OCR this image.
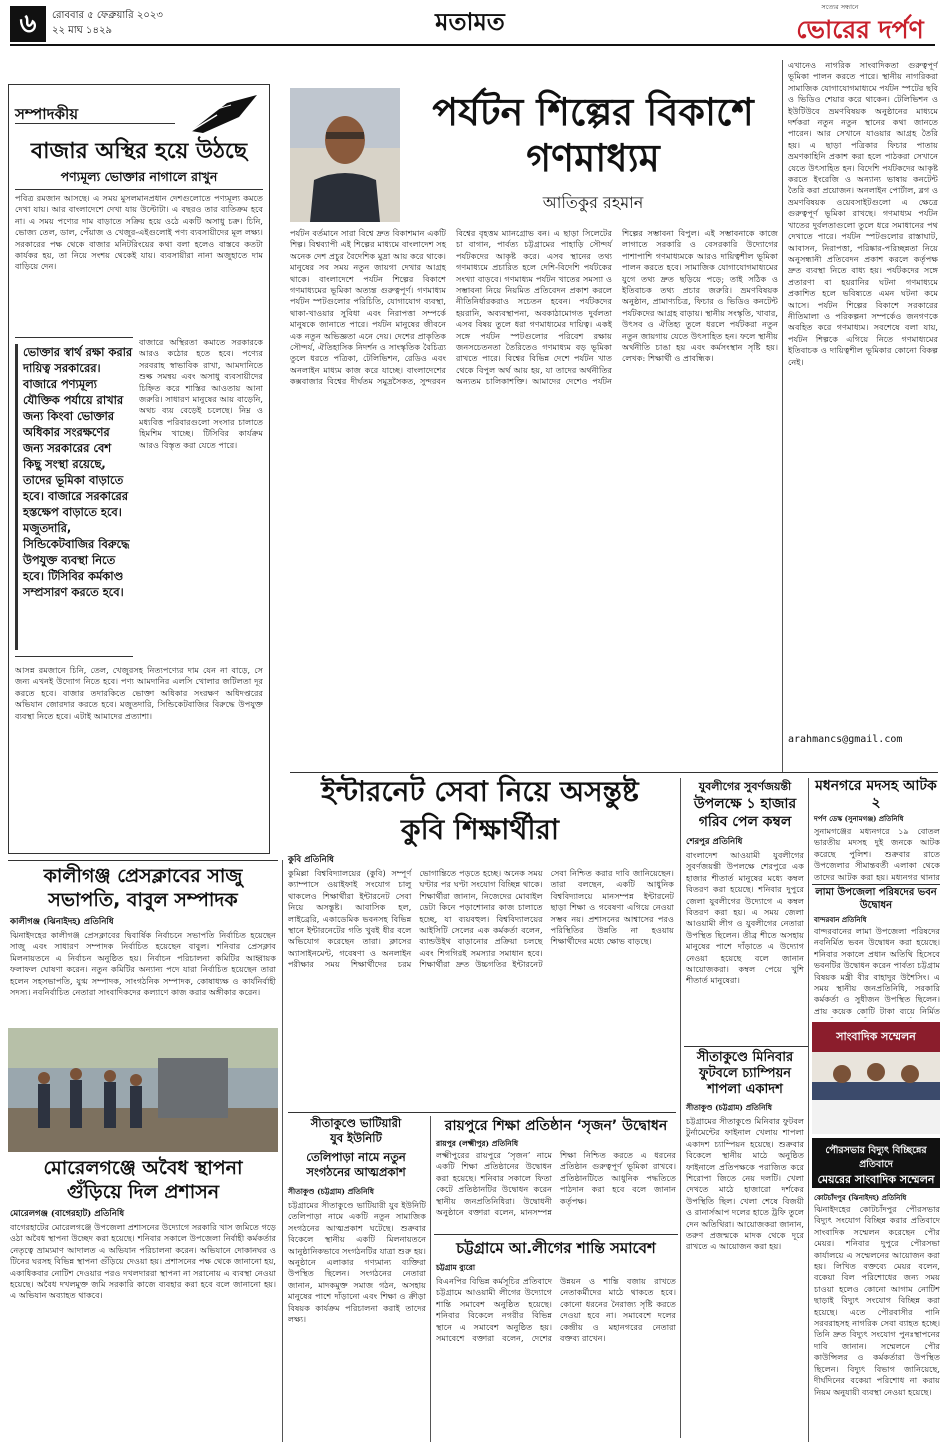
৬	রোববার ৫ ফেব্রুয়ারি ২০২৩
২২ মাঘ ১৪২৯	মতামত	সত্যের সন্ধানে
ভোরের দর্পণ
সম্পাদকীয়
বাজার অস্থির হয়ে উঠছে
পণ্যমূল্য ভোক্তার নাগালে রাখুন
পবিত্র রমজান আসছে। এ সময় মুসলমানপ্রধান দেশগুলোতে পণ্যমূল্য কমতে দেখা যায়। আর বাংলাদেশে দেখা যায় উল্টোটা। এ বছরও তার ব্যতিক্রম হবে না। এ সময় পণ্যের দাম বাড়াতে সক্রিয় হয়ে ওঠে একটি অসাধু চক্র। চিনি, ভোজ্য তেল, ডাল, পেঁয়াজ ও খেজুর-এইগুলোই পণ্য ব্যবসায়ীদের মূল লক্ষ্য। সরকারের পক্ষ থেকে বাজার মনিটরিংয়ের কথা বলা হলেও বাস্তবে কতটা কার্যকর হয়, তা নিয়ে সংশয় থেকেই যায়। ব্যবসায়ীরা নানা অজুহাতে দাম বাড়িয়ে দেন।
ভোক্তার স্বার্থ রক্ষা করার দায়িত্ব সরকারের। বাজারে পণ্যমূল্য যৌক্তিক পর্যায়ে রাখার জন্য কিংবা ভোক্তার অধিকার সংরক্ষণের জন্য সরকারের বেশ কিছু সংস্থা রয়েছে, তাদের ভূমিকা বাড়াতে হবে। বাজারে সরকারের হস্তক্ষেপ বাড়াতে হবে। মজুতদারি, সিন্ডিকেটবাজির বিরুদ্ধে উপযুক্ত ব্যবস্থা নিতে হবে। টিসিবির কর্মকাণ্ড সম্প্রসারণ করতে হবে।
বাজারে অস্থিরতা কমাতে সরকারকে আরও কঠোর হতে হবে। পণ্যের সরবরাহ স্বাভাবিক রাখা, আমদানিতে শুল্ক সমন্বয় এবং অসাধু ব্যবসায়ীদের চিহ্নিত করে শাস্তির আওতায় আনা জরুরি। সাধারণ মানুষের আয় বাড়েনি, অথচ ব্যয় বেড়েই চলেছে। নিম্ন ও মধ্যবিত্ত পরিবারগুলো সংসার চালাতে হিমশিম খাচ্ছে। টিসিবির কার্যক্রম আরও বিস্তৃত করা যেতে পারে।
আসন্ন রমজানে চিনি, তেল, খেজুরসহ নিত্যপণ্যের দাম যেন না বাড়ে, সে জন্য এখনই উদ্যোগ নিতে হবে। পণ্য আমদানির এলসি খোলার জটিলতা দূর করতে হবে। বাজার তদারকিতে ভোক্তা অধিকার সংরক্ষণ অধিদপ্তরের অভিযান জোরদার করতে হবে। মজুতদারি, সিন্ডিকেটবাজির বিরুদ্ধে উপযুক্ত ব্যবস্থা নিতে হবে। এটাই আমাদের প্রত্যাশা।
পর্যটন শিল্পের বিকাশে
গণমাধ্যম
আতিকুর রহমান
পর্যটন বর্তমানে সারা বিশ্বে দ্রুত বিকাশমান একটি শিল্প। বিশ্বব্যাপী এই শিল্পের মাধ্যমে বাংলাদেশ সহ অনেক দেশ প্রচুর বৈদেশিক মুদ্রা আয় করে থাকে। মানুষের সব সময় নতুন জায়গা দেখার আগ্রহ থাকে। বাংলাদেশে পর্যটন শিল্পের বিকাশে গণমাধ্যমের ভূমিকা অত্যন্ত গুরুত্বপূর্ণ। গণমাধ্যম পর্যটন স্পটগুলোর পরিচিতি, যোগাযোগ ব্যবস্থা, থাকা-খাওয়ার সুবিধা এবং নিরাপত্তা সম্পর্কে মানুষকে জানাতে পারে। পর্যটন মানুষের জীবনে এক নতুন অভিজ্ঞতা এনে দেয়। দেশের প্রাকৃতিক সৌন্দর্য, ঐতিহাসিক নিদর্শন ও সাংস্কৃতিক বৈচিত্র্য তুলে ধরতে পত্রিকা, টেলিভিশন, রেডিও এবং অনলাইন মাধ্যম কাজ করে যাচ্ছে। বাংলাদেশের কক্সবাজার বিশ্বের দীর্ঘতম সমুদ্রসৈকত, সুন্দরবন বিশ্বের বৃহত্তম ম্যানগ্রোভ বন। এ ছাড়া সিলেটের চা বাগান, পার্বত্য চট্টগ্রামের পাহাড়ি সৌন্দর্য পর্যটকদের আকৃষ্ট করে। এসব স্থানের তথ্য গণমাধ্যমে প্রচারিত হলে দেশি-বিদেশি পর্যটকের সংখ্যা বাড়বে। গণমাধ্যম পর্যটন খাতের সমস্যা ও সম্ভাবনা নিয়ে নিয়মিত প্রতিবেদন প্রকাশ করলে নীতিনির্ধারকরাও সচেতন হবেন। পর্যটকদের হয়রানি, অব্যবস্থাপনা, অবকাঠামোগত দুর্বলতা এসব বিষয় তুলে ধরা গণমাধ্যমের দায়িত্ব। একই সঙ্গে পর্যটন স্পটগুলোর পরিবেশ রক্ষায় জনসচেতনতা তৈরিতেও গণমাধ্যম বড় ভূমিকা রাখতে পারে। বিশ্বের বিভিন্ন দেশে পর্যটন খাত থেকে বিপুল অর্থ আয় হয়, যা তাদের অর্থনীতির অন্যতম চালিকাশক্তি। আমাদের দেশেও পর্যটন শিল্পের সম্ভাবনা বিপুল। এই সম্ভাবনাকে কাজে লাগাতে সরকারি ও বেসরকারি উদ্যোগের পাশাপাশি গণমাধ্যমকে আরও দায়িত্বশীল ভূমিকা পালন করতে হবে। সামাজিক যোগাযোগমাধ্যমের যুগে তথ্য দ্রুত ছড়িয়ে পড়ে; তাই সঠিক ও ইতিবাচক তথ্য প্রচার জরুরি। ভ্রমণবিষয়ক অনুষ্ঠান, প্রামাণ্যচিত্র, ফিচার ও ভিডিও কনটেন্ট পর্যটকদের আগ্রহ বাড়ায়। স্থানীয় সংস্কৃতি, খাবার, উৎসব ও ঐতিহ্য তুলে ধরলে পর্যটকরা নতুন নতুন জায়গায় যেতে উৎসাহিত হন। ফলে স্থানীয় অর্থনীতি চাঙা হয় এবং কর্মসংস্থান সৃষ্টি হয়। লেখক: শিক্ষার্থী ও প্রাবন্ধিক।
এখানেও নাগরিক সাংবাদিকতা গুরুত্বপূর্ণ ভূমিকা পালন করতে পারে। স্থানীয় নাগরিকরা সামাজিক যোগাযোগমাধ্যমে পর্যটন স্পটের ছবি ও ভিডিও শেয়ার করে থাকেন। টেলিভিশন ও ইউটিউবে ভ্রমণবিষয়ক অনুষ্ঠানের মাধ্যমে দর্শকরা নতুন নতুন স্থানের কথা জানতে পারেন। আর সেখানে যাওয়ার আগ্রহ তৈরি হয়। এ ছাড়া পত্রিকার ফিচার পাতায় ভ্রমণকাহিনি প্রকাশ করা হলে পাঠকরা সেখানে যেতে উৎসাহিত হন। বিদেশি পর্যটকদের আকৃষ্ট করতে ইংরেজি ও অন্যান্য ভাষায় কনটেন্ট তৈরি করা প্রয়োজন। অনলাইন পোর্টাল, ব্লগ ও ভ্রমণবিষয়ক ওয়েবসাইটগুলো এ ক্ষেত্রে গুরুত্বপূর্ণ ভূমিকা রাখছে। গণমাধ্যম পর্যটন খাতের দুর্বলতাগুলো তুলে ধরে সমাধানের পথ দেখাতে পারে। পর্যটন স্পটগুলোর রাস্তাঘাট, আবাসন, নিরাপত্তা, পরিষ্কার-পরিচ্ছন্নতা নিয়ে অনুসন্ধানী প্রতিবেদন প্রকাশ করলে কর্তৃপক্ষ দ্রুত ব্যবস্থা নিতে বাধ্য হয়। পর্যটকদের সঙ্গে প্রতারণা বা হয়রানির ঘটনা গণমাধ্যমে প্রকাশিত হলে ভবিষ্যতে এমন ঘটনা কমে আসে। পর্যটন শিল্পের বিকাশে সরকারের নীতিমালা ও পরিকল্পনা সম্পর্কেও জনগণকে অবহিত করে গণমাধ্যম। সবশেষে বলা যায়, পর্যটন শিল্পকে এগিয়ে নিতে গণমাধ্যমের ইতিবাচক ও দায়িত্বশীল ভূমিকার কোনো বিকল্প নেই।
arahmancs@gmail.com
ইন্টারনেট সেবা নিয়ে অসন্তুষ্ট
কুবি শিক্ষার্থীরা
কুবি প্রতিনিধি
কুমিল্লা বিশ্ববিদ্যালয়ের (কুবি) সম্পূর্ণ ক্যাম্পাসে ওয়াইফাই সংযোগ চালু থাকলেও শিক্ষার্থীরা ইন্টারনেট সেবা নিয়ে অসন্তুষ্ট। আবাসিক হল, লাইব্রেরি, একাডেমিক ভবনসহ বিভিন্ন স্থানে ইন্টারনেটের গতি খুবই ধীর বলে অভিযোগ করেছেন তারা। ক্লাসের অ্যাসাইনমেন্ট, গবেষণা ও অনলাইন পরীক্ষার সময় শিক্ষার্থীদের চরম ভোগান্তিতে পড়তে হচ্ছে। অনেক সময় ঘণ্টার পর ঘণ্টা সংযোগ বিচ্ছিন্ন থাকে। শিক্ষার্থীরা জানান, নিজেদের মোবাইল ডেটা কিনে পড়াশোনার কাজ চালাতে হচ্ছে, যা ব্যয়বহুল। বিশ্ববিদ্যালয়ের আইসিটি সেলের এক কর্মকর্তা বলেন, ব্যান্ডউইথ বাড়ানোর প্রক্রিয়া চলছে এবং শিগগিরই সমস্যার সমাধান হবে। শিক্ষার্থীরা দ্রুত উচ্চগতির ইন্টারনেট সেবা নিশ্চিত করার দাবি জানিয়েছেন। তারা বলছেন, একটি আধুনিক বিশ্ববিদ্যালয়ে মানসম্পন্ন ইন্টারনেট ছাড়া শিক্ষা ও গবেষণা এগিয়ে নেওয়া সম্ভব নয়। প্রশাসনের আশ্বাসের পরও পরিস্থিতির উন্নতি না হওয়ায় শিক্ষার্থীদের মধ্যে ক্ষোভ বাড়ছে।
যুবলীগের সুবর্ণজয়ন্তী
উপলক্ষে ১ হাজার
গরিব পেল কম্বল
শেরপুর প্রতিনিধি
বাংলাদেশ আওয়ামী যুবলীগের সুবর্ণজয়ন্তী উপলক্ষে শেরপুরে এক হাজার শীতার্ত মানুষের মধ্যে কম্বল বিতরণ করা হয়েছে। শনিবার দুপুরে জেলা যুবলীগের উদ্যোগে এ কম্বল বিতরণ করা হয়। এ সময় জেলা আওয়ামী লীগ ও যুবলীগের নেতারা উপস্থিত ছিলেন। তীব্র শীতে অসহায় মানুষের পাশে দাঁড়াতে এ উদ্যোগ নেওয়া হয়েছে বলে জানান আয়োজকরা। কম্বল পেয়ে খুশি শীতার্ত মানুষেরা।
সীতাকুণ্ডে মিনিবার
ফুটবলে চ্যাম্পিয়ন
শাপলা একাদশ
সীতাকুণ্ড (চট্টগ্রাম) প্রতিনিধি
চট্টগ্রামের সীতাকুণ্ডে মিনিবার ফুটবল টুর্নামেন্টের ফাইনাল খেলায় শাপলা একাদশ চ্যাম্পিয়ন হয়েছে। শুক্রবার বিকেলে স্থানীয় মাঠে অনুষ্ঠিত ফাইনালে প্রতিপক্ষকে পরাজিত করে শিরোপা জিতে নেয় দলটি। খেলা দেখতে মাঠে হাজারো দর্শকের উপস্থিতি ছিল। খেলা শেষে বিজয়ী ও রানার্সআপ দলের হাতে ট্রফি তুলে দেন অতিথিরা। আয়োজকরা জানান, তরুণ প্রজন্মকে মাদক থেকে দূরে রাখতে এ আয়োজন করা হয়।
মধনগরে মদসহ আটক ২
দর্পণ ডেস্ক (সুনামগঞ্জ) প্রতিনিধি
সুনামগঞ্জের মধ্যনগরে ১৯ বোতল ভারতীয় মদসহ দুই জনকে আটক করেছে পুলিশ। শুক্রবার রাতে উপজেলার সীমান্তবর্তী এলাকা থেকে তাদের আটক করা হয়। মধ্যনগর থানার
লামা উপজেলা পরিষদের ভবন উদ্বোধন
বান্দরবান প্রতিনিধি
বান্দরবানের লামা উপজেলা পরিষদের নবনির্মিত ভবন উদ্বোধন করা হয়েছে। শনিবার সকালে প্রধান অতিথি হিসেবে ভবনটির উদ্বোধন করেন পার্বত্য চট্টগ্রাম বিষয়ক মন্ত্রী বীর বাহাদুর উশৈসিং। এ সময় স্থানীয় জনপ্রতিনিধি, সরকারি কর্মকর্তা ও সুধীজন উপস্থিত ছিলেন। প্রায় কয়েক কোটি টাকা ব্যয়ে নির্মিত
সাংবাদিক সম্মেলন
পৌরসভার বিদ্যুৎ বিচ্ছিন্নের প্রতিবাদে
মেয়রের সাংবাদিক সম্মেলন
কোটচাঁদপুর (ঝিনাইদহ) প্রতিনিধি
ঝিনাইদহের কোটচাঁদপুর পৌরসভার বিদ্যুৎ সংযোগ বিচ্ছিন্ন করার প্রতিবাদে সাংবাদিক সম্মেলন করেছেন পৌর মেয়র। শনিবার দুপুরে পৌরসভা কার্যালয়ে এ সম্মেলনের আয়োজন করা হয়। লিখিত বক্তব্যে মেয়র বলেন, বকেয়া বিল পরিশোধের জন্য সময় চাওয়া হলেও কোনো আগাম নোটিশ ছাড়াই বিদ্যুৎ সংযোগ বিচ্ছিন্ন করা হয়েছে। এতে পৌরবাসীর পানি সরবরাহসহ নাগরিক সেবা ব্যাহত হচ্ছে। তিনি দ্রুত বিদ্যুৎ সংযোগ পুনঃস্থাপনের দাবি জানান। সম্মেলনে পৌর কাউন্সিলর ও কর্মকর্তারা উপস্থিত ছিলেন। বিদ্যুৎ বিভাগ জানিয়েছে, দীর্ঘদিনের বকেয়া পরিশোধ না করায় নিয়ম অনুযায়ী ব্যবস্থা নেওয়া হয়েছে।
কালীগঞ্জ প্রেসক্লাবের সাজু
সভাপতি, বাবুল সম্পাদক
কালীগঞ্জ (ঝিনাইদহ) প্রতিনিধি
ঝিনাইদহের কালীগঞ্জ প্রেসক্লাবের দ্বিবার্ষিক নির্বাচনে সভাপতি নির্বাচিত হয়েছেন সাজু এবং সাধারণ সম্পাদক নির্বাচিত হয়েছেন বাবুল। শনিবার প্রেসক্লাব মিলনায়তনে এ নির্বাচন অনুষ্ঠিত হয়। নির্বাচন পরিচালনা কমিটির আহ্বায়ক ফলাফল ঘোষণা করেন। নতুন কমিটির অন্যান্য পদে যারা নির্বাচিত হয়েছেন তারা হলেন সহসভাপতি, যুগ্ম সম্পাদক, সাংগঠনিক সম্পাদক, কোষাধ্যক্ষ ও কার্যনির্বাহী সদস্য। নবনির্বাচিত নেতারা সাংবাদিকদের কল্যাণে কাজ করার অঙ্গীকার করেন।
মোরেলগঞ্জে অবৈধ স্থাপনা
গুঁড়িয়ে দিল প্রশাসন
মোরেলগঞ্জ (বাগেরহাট) প্রতিনিধি
বাগেরহাটের মোরেলগঞ্জে উপজেলা প্রশাসনের উদ্যোগে সরকারি খাস জমিতে গড়ে ওঠা অবৈধ স্থাপনা উচ্ছেদ করা হয়েছে। শনিবার সকালে উপজেলা নির্বাহী কর্মকর্তার নেতৃত্বে ভ্রাম্যমাণ আদালত এ অভিযান পরিচালনা করেন। অভিযানে দোকানঘর ও টিনের ঘরসহ বিভিন্ন স্থাপনা গুঁড়িয়ে দেওয়া হয়। প্রশাসনের পক্ষ থেকে জানানো হয়, একাধিকবার নোটিশ দেওয়ার পরও দখলদাররা স্থাপনা না সরানোয় এ ব্যবস্থা নেওয়া হয়েছে। অবৈধ দখলমুক্ত জমি সরকারি কাজে ব্যবহার করা হবে বলে জানানো হয়। এ অভিযান অব্যাহত থাকবে।
সীতাকুণ্ডে ভাটিয়ারী
যুব ইউনিটি
তেলিপাড়া নামে নতুন
সংগঠনের আত্মপ্রকাশ
সীতাকুণ্ড (চট্টগ্রাম) প্রতিনিধি
চট্টগ্রামের সীতাকুণ্ডে ভাটিয়ারী যুব ইউনিটি তেলিপাড়া নামে একটি নতুন সামাজিক সংগঠনের আত্মপ্রকাশ ঘটেছে। শুক্রবার বিকেলে স্থানীয় একটি মিলনায়তনে আনুষ্ঠানিকভাবে সংগঠনটির যাত্রা শুরু হয়। অনুষ্ঠানে এলাকার গণ্যমান্য ব্যক্তিরা উপস্থিত ছিলেন। সংগঠনের নেতারা জানান, মাদকমুক্ত সমাজ গঠন, অসহায় মানুষের পাশে দাঁড়ানো এবং শিক্ষা ও ক্রীড়া বিষয়ক কার্যক্রম পরিচালনা করাই তাদের লক্ষ্য।
রায়পুরে শিক্ষা প্রতিষ্ঠান ‘সৃজন’ উদ্বোধন
রায়পুর (লক্ষ্মীপুর) প্রতিনিধি
লক্ষ্মীপুরের রায়পুরে ‘সৃজন’ নামে একটি শিক্ষা প্রতিষ্ঠানের উদ্বোধন করা হয়েছে। শনিবার সকালে ফিতা কেটে প্রতিষ্ঠানটির উদ্বোধন করেন স্থানীয় জনপ্রতিনিধিরা। উদ্বোধনী অনুষ্ঠানে বক্তারা বলেন, মানসম্পন্ন শিক্ষা নিশ্চিত করতে এ ধরনের প্রতিষ্ঠান গুরুত্বপূর্ণ ভূমিকা রাখবে। প্রতিষ্ঠানটিতে আধুনিক পদ্ধতিতে পাঠদান করা হবে বলে জানান কর্তৃপক্ষ।
চট্টগ্রামে আ.লীগের শান্তি সমাবেশ
চট্টগ্রাম ব্যুরো
বিএনপির বিভিন্ন কর্মসূচির প্রতিবাদে চট্টগ্রামে আওয়ামী লীগের উদ্যোগে শান্তি সমাবেশ অনুষ্ঠিত হয়েছে। শনিবার বিকেলে নগরীর বিভিন্ন স্থানে এ সমাবেশ অনুষ্ঠিত হয়। সমাবেশে বক্তারা বলেন, দেশের উন্নয়ন ও শান্তি বজায় রাখতে নেতাকর্মীদের মাঠে থাকতে হবে। কোনো ধরনের নৈরাজ্য সৃষ্টি করতে দেওয়া হবে না। সমাবেশে দলের কেন্দ্রীয় ও মহানগরের নেতারা বক্তব্য রাখেন।
